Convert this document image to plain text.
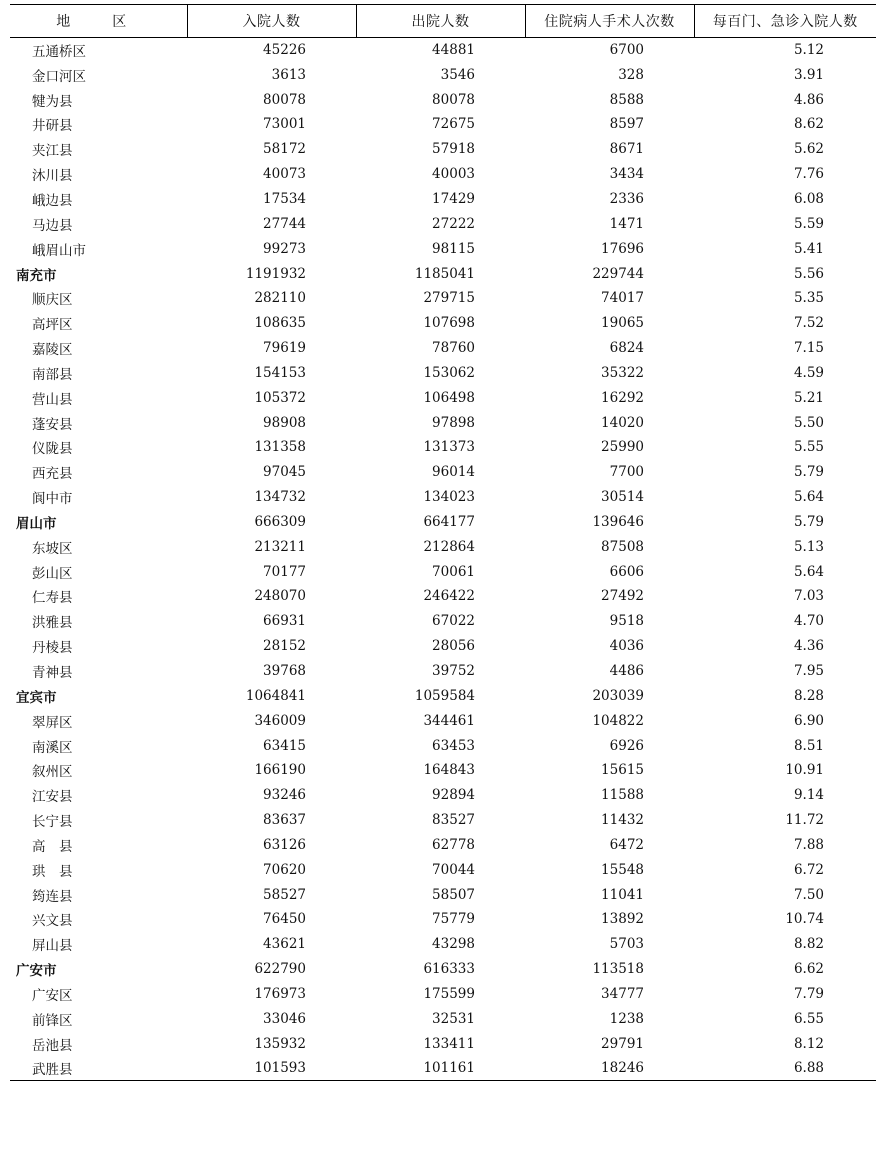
地　区	入院人数	出院人数	住院病人手术人次数	每百门、急诊入院人数
五通桥区	45226	44881	6700	5.12
金口河区	3613	3546	328	3.91
犍为县	80078	80078	8588	4.86
井研县	73001	72675	8597	8.62
夹江县	58172	57918	8671	5.62
沐川县	40073	40003	3434	7.76
峨边县	17534	17429	2336	6.08
马边县	27744	27222	1471	5.59
峨眉山市	99273	98115	17696	5.41
南充市	1191932	1185041	229744	5.56
顺庆区	282110	279715	74017	5.35
高坪区	108635	107698	19065	7.52
嘉陵区	79619	78760	6824	7.15
南部县	154153	153062	35322	4.59
营山县	105372	106498	16292	5.21
蓬安县	98908	97898	14020	5.50
仪陇县	131358	131373	25990	5.55
西充县	97045	96014	7700	5.79
阆中市	134732	134023	30514	5.64
眉山市	666309	664177	139646	5.79
东坡区	213211	212864	87508	5.13
彭山区	70177	70061	6606	5.64
仁寿县	248070	246422	27492	7.03
洪雅县	66931	67022	9518	4.70
丹棱县	28152	28056	4036	4.36
青神县	39768	39752	4486	7.95
宜宾市	1064841	1059584	203039	8.28
翠屏区	346009	344461	104822	6.90
南溪区	63415	63453	6926	8.51
叙州区	166190	164843	15615	10.91
江安县	93246	92894	11588	9.14
长宁县	83637	83527	11432	11.72
高　县	63126	62778	6472	7.88
珙　县	70620	70044	15548	6.72
筠连县	58527	58507	11041	7.50
兴文县	76450	75779	13892	10.74
屏山县	43621	43298	5703	8.82
广安市	622790	616333	113518	6.62
广安区	176973	175599	34777	7.79
前锋区	33046	32531	1238	6.55
岳池县	135932	133411	29791	8.12
武胜县	101593	101161	18246	6.88
